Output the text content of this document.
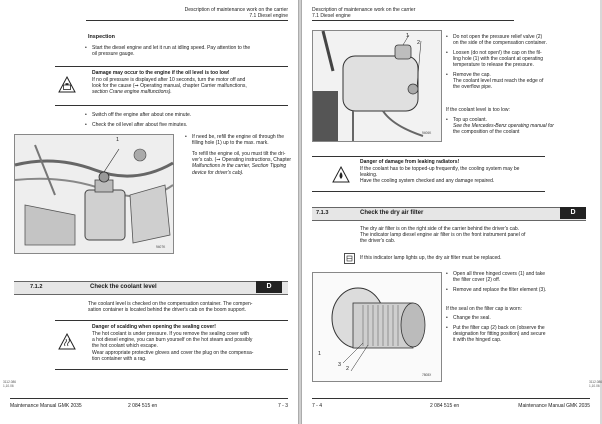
Description of maintenance work on the carrier
7.1 Diesel engine
Inspection
• Start the diesel engine and let it run at idling speed. Pay attention to the
oil pressure gauge.
Damage may occur to the engine if the oil level is too low!
If no oil pressure is displayed after 10 seconds, turn the motor off and
look for the cause (➞ Operating manual, chapter Carrier malfunctions,
section Crane engine malfunctions).
• Switch off the engine after about one minute.
• Check the oil level after about five minutes.
1
9407K
• If need be, refill the engine oil through the
filling hole (1) up to the max. mark.
To refill the engine oil, you must tilt the dri-
ver's cab. (➞ Operating instructions, Chapter
Malfunctions in the carrier, Section Tipping
device for driver's cab).
7.1.2	Check the coolant level	D
The coolant level is checked on the compensation container. The compen-
sation container is located behind the driver's cab on the boom support.
Danger of scalding when opening the sealing cover!
The hot coolant is under pressure. If you remove the sealing cover with
a hot diesel engine, you can burn yourself on the hot steam and possibly
the hot coolant which escape.
Wear appropriate protective gloves and cover the plug on the compensa-
tion container with a rag.
3112.086
1,10.06
Maintenance Manual GMK 2035	2 084 515 en	7 - 3
Description of maintenance work on the carrier
7.1 Diesel engine
1
2
9406K
• Do not open the pressure relief valve (2)
on the side of the compensation container.
• Loosen (do not open!) the cap on the fil-
ling hole (1) with the coolant at operating
temperature to release the pressure.
• Remove the cap.
The coolant level must reach the edge of
the overflow pipe.
If the coolant level is too low:
• Top up coolant.
See the Mercedes-Benz operating manual for
the composition of the coolant
Danger of damage from leaking radiators!
If the coolant has to be topped-up frequently, the cooling system may be
leaking.
Have the cooling system checked and any damage repaired.
7.1.3	Check the dry air filter	D
The dry air filter is on the right side of the carrier behind the driver's cab.
The indicator lamp diesel engine air filter is on the front instrument panel of
the driver's cab.
If this indicator lamp lights up, the dry air filter must be replaced.
1
3
2
7808X
• Open all three hinged covers (1) and take
the filter cover (2) off.
• Remove and replace the filter element (3).
If the seal on the filter cap is worn:
• Change the seal.
• Put the filter cap (2) back on (observe the
designation for fitting position) and secure
it with the hinged cap.
3112.086
1,10.06
7 - 4	2 084 515 en	Maintenance Manual GMK 2035
